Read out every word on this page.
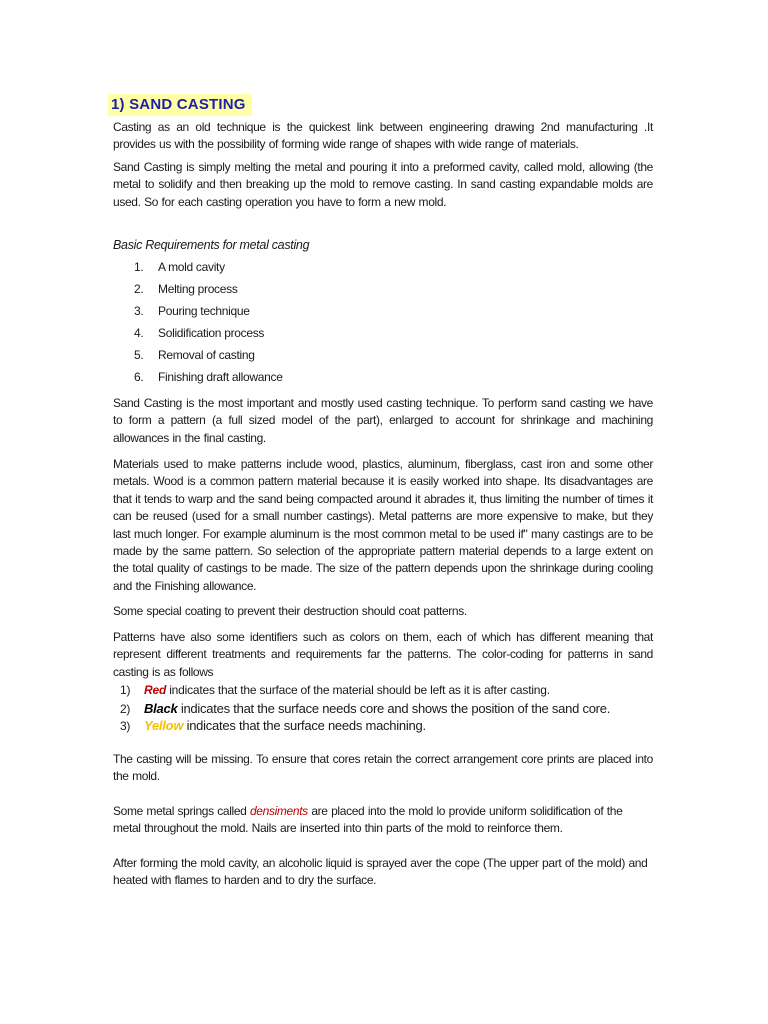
1) SAND CASTING
Casting as an old technique is the quickest link between engineering drawing 2nd manufacturing .It provides us with the possibility of forming wide range of shapes with wide range of materials.
Sand Casting is simply melting the metal and pouring it into a preformed cavity, called mold, allowing (the metal to solidify and then breaking up the mold to remove casting. In sand casting expandable molds are used. So for each casting operation you have to form a new mold.
Basic Requirements for metal casting
1. A mold cavity
2. Melting process
3. Pouring technique
4. Solidification process
5. Removal of casting
6. Finishing draft allowance
Sand Casting is the most important and mostly used casting technique. To perform sand casting we have to form a pattern (a full sized model of the part), enlarged to account for shrinkage and machining allowances in the final casting.
Materials used to make patterns include wood, plastics, aluminum, fiberglass, cast iron and some other metals. Wood is a common pattern material because it is easily worked into shape. Its disadvantages are that it tends to warp and the sand being compacted around it abrades it, thus limiting the number of times it can be reused (used for a small number castings). Metal patterns are more expensive to make, but they last much longer. For example aluminum is the most common metal to be used if" many castings are to be made by the same pattern. So selection of the appropriate pattern material depends to a large extent on the total quality of castings to be made. The size of the pattern depends upon the shrinkage during cooling and the Finishing allowance.
Some special coating to prevent their destruction should coat patterns.
Patterns have also some identifiers such as colors on them, each of which has different meaning that represent different treatments and requirements far the patterns. The color-coding for patterns in sand casting is as follows
1) Red indicates that the surface of the material should be left as it is after casting.
2) Black indicates that the surface needs core and shows the position of the sand core.
3) Yellow indicates that the surface needs machining.
The casting will be missing. To ensure that cores retain the correct arrangement core prints are placed into the mold.
Some metal springs called densiments are placed into the mold lo provide uniform solidification of the metal throughout the mold. Nails are inserted into thin parts of the mold to reinforce them.
After forming the mold cavity, an alcoholic liquid is sprayed aver the cope (The upper part of the mold) and heated with flames to harden and to dry the surface.
